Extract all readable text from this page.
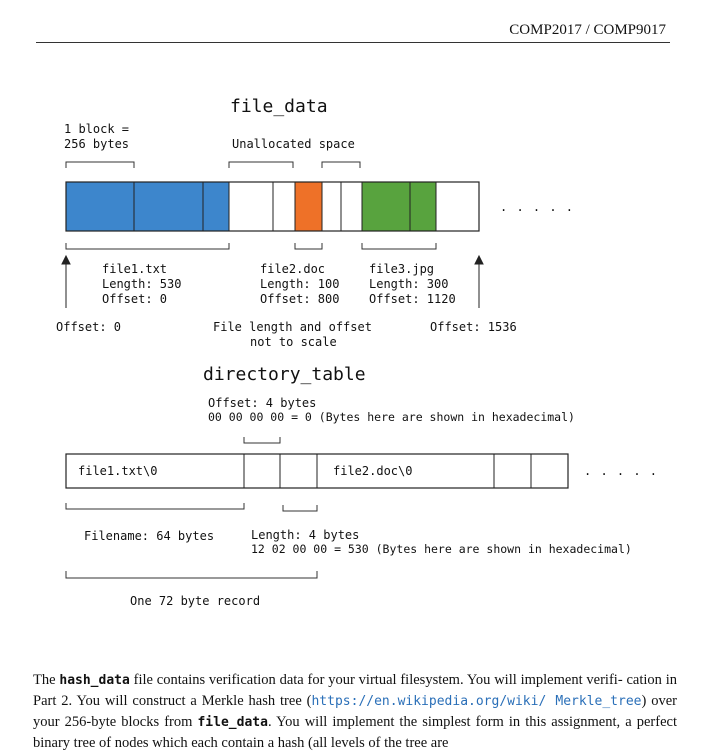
COMP2017 / COMP9017
file_data
1 block =
256 bytes	Unallocated space
. . . . .
file1.txt
Length: 530
Offset: 0
file2.doc
Length: 100
Offset: 800
file3.jpg
Length: 300
Offset: 1120
Offset: 0	Offset: 1536
File length and offset
not to scale
directory_table
Offset: 4 bytes
00 00 00 00 = 0 (Bytes here are shown in hexadecimal)
file1.txt\0	file2.doc\0	. . . . .
Filename: 64 bytes	Length: 4 bytes
12 02 00 00 = 530 (Bytes here are shown in hexadecimal)
One 72 byte record

The hash_data file contains verification data for your virtual filesystem. You will implement verifi- cation in Part 2. You will construct a Merkle hash tree (https://en.wikipedia.org/wiki/ Merkle_tree) over your 256-byte blocks from file_data. You will implement the simplest form in this assignment, a perfect binary tree of nodes which each contain a hash (all levels of the tree are
